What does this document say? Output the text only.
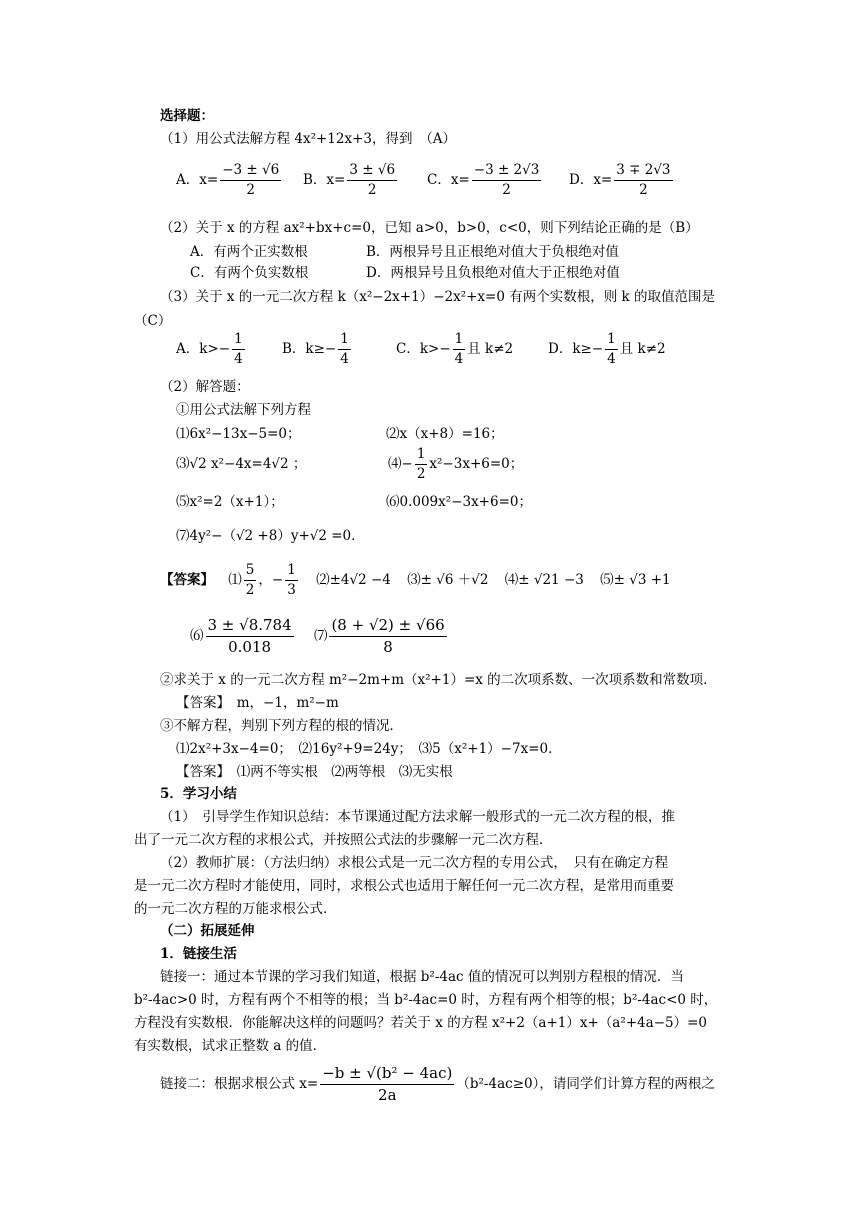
选择题：
（1）用公式法解方程 4x²+12x+3，得到　（A）
A．$x= \frac{-3 \pm √6}{2}$ B．$x= \frac{3 \pm √6}{2}$ C．$x= \frac{-3 \pm 2√3}{2}$ D．$x= \frac{3 \mp 2√3}{2}$
（2）关于 x 的方程 ax²+bx+c=0，已知 a>0，b>0，c<0，则下列结论正确的是（B）
A．有两个正实数根	B．两根异号且正根绝对值大于负根绝对值
C．有两个负实数根	D．两根异号且负根绝对值大于正根绝对值
（3）关于 x 的一元二次方程 k（x²−2x+1）−2x²+x=0 有两个实数根，则 k 的取值范围是
（C）
A．$k>- \frac{1}{4}$	B．$k\ge- \frac{1}{4}$	C．$k>- \frac{1}{4}$ 且 k≠2	D．$k\ge- \frac{1}{4}$ 且 k≠2
（2）解答题：
①用公式法解下列方程
⑴6x²−13x−5=0；	⑵x（x+8）=16；
⑶√2 x²−4x=4√2 ；	⑷− $\frac{1}{2} x^2-3x+6=0$；
⑸x²=2（x+1）；	⑹0.009x²−3x+6=0；
⑺4y²−（√2 +8）y+√2 =0．
【答案】 ⑴ $\frac{5}{2}$ ，− $\frac{1}{3}$ ⑵±4√2 −4 ⑶± √6 ＋√2 ⑷± √21 −3 ⑸± √3 +1
⑹ $\frac{3 \pm √8.784}{0.018}$ ⑺ $\frac{(8 + √2) \pm √66}{8}$
②求关于 x 的一元二次方程 m²−2m+m（x²+1）=x 的二次项系数、一次项系数和常数项．
【答案】　m，−1，m²−m
③不解方程，判别下列方程的根的情况．
⑴2x²+3x−4=0；　⑵16y²+9=24y；　⑶5（x²+1）−7x=0．
【答案】　⑴两不等实根　⑵两等根　⑶无实根
5．学习小结
（1）　引导学生作知识总结：本节课通过配方法求解一般形式的一元二次方程的根，推
出了一元二次方程的求根公式，并按照公式法的步骤解一元二次方程．
（2）教师扩展：（方法归纳）求根公式是一元二次方程的专用公式，　只有在确定方程
是一元二次方程时才能使用，同时，求根公式也适用于解任何一元二次方程，是常用而重要
的一元二次方程的万能求根公式．
（二）拓展延伸
1．链接生活
链接一：通过本节课的学习我们知道，根据 b²-4ac 值的情况可以判别方程根的情况．当
b²-4ac>0 时，方程有两个不相等的根；当 b²-4ac=0 时，方程有两个相等的根；b²-4ac<0 时，
方程没有实数根．你能解决这样的问题吗？若关于 x 的方程 x²+2（a+1）x+（a²+4a−5）=0
有实数根，试求正整数 a 的值．
链接二：根据求根公式 $x= \frac{\text{−b ± √(b² − 4ac)}}{2a} (b^2-4ac\ge 0)$，请同学们计算方程的两根之
